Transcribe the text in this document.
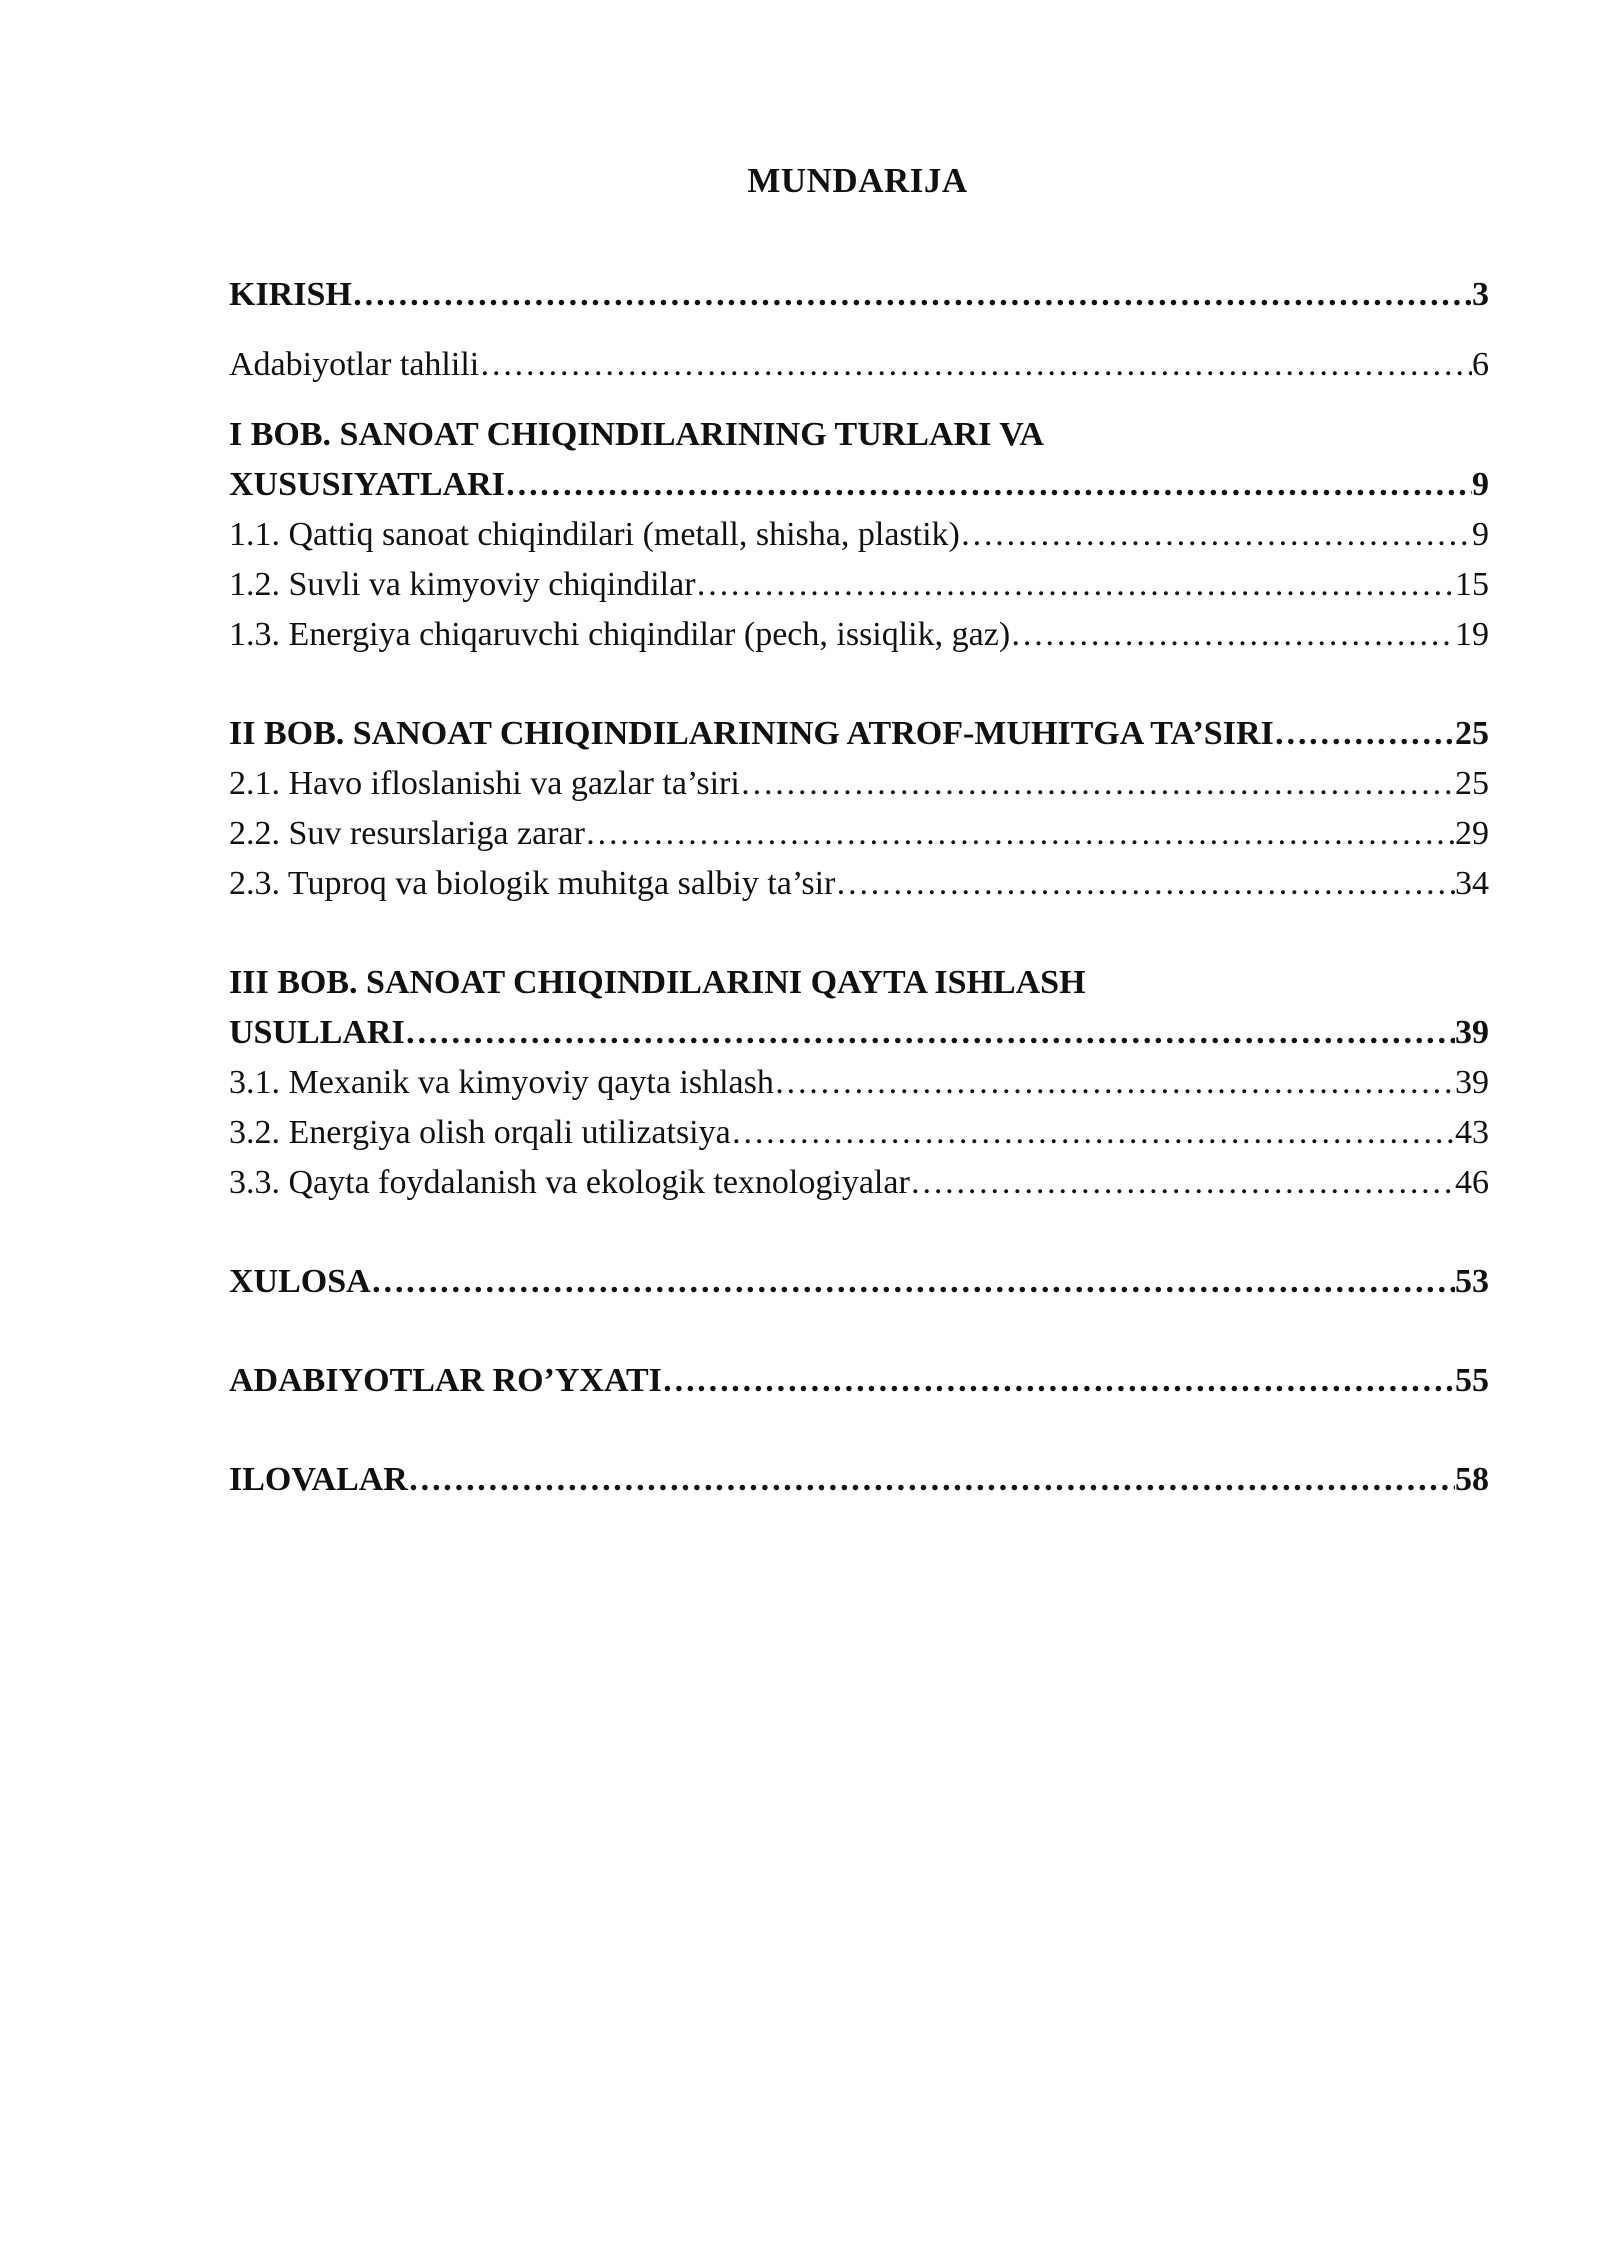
MUNDARIJA
KIRISH ……………………………………………………………………………………………………………………………………………………………………………………………	3
Adabiyotlar tahlili ……………………………………………………………………………………………………………………………………………………………………………………………	6
I BOB. SANOAT CHIQINDILARINING TURLARI VA
XUSUSIYATLARI ……………………………………………………………………………………………………………………………………………………………………………………………	9
1.1. Qattiq sanoat chiqindilari (metall, shisha, plastik) ……………………………………………………………………………………………………………………………………………………………………………………………	9
1.2. Suvli va kimyoviy chiqindilar ……………………………………………………………………………………………………………………………………………………………………………………………	15
1.3. Energiya chiqaruvchi chiqindilar (pech, issiqlik, gaz) ……………………………………………………………………………………………………………………………………………………………………………………………	19
II BOB. SANOAT CHIQINDILARINING ATROF-MUHITGA TA’SIRI ……………………………………………………………………………………………………………………………………………………………………………………………	25
2.1. Havo ifloslanishi va gazlar ta’siri ……………………………………………………………………………………………………………………………………………………………………………………………	25
2.2. Suv resurslariga zarar ……………………………………………………………………………………………………………………………………………………………………………………………	29
2.3. Tuproq va biologik muhitga salbiy ta’sir ……………………………………………………………………………………………………………………………………………………………………………………………	34
III BOB. SANOAT CHIQINDILARINI QAYTA ISHLASH
USULLARI ……………………………………………………………………………………………………………………………………………………………………………………………	39
3.1. Mexanik va kimyoviy qayta ishlash ……………………………………………………………………………………………………………………………………………………………………………………………	39
3.2. Energiya olish orqali utilizatsiya ……………………………………………………………………………………………………………………………………………………………………………………………	43
3.3. Qayta foydalanish va ekologik texnologiyalar ……………………………………………………………………………………………………………………………………………………………………………………………	46
XULOSA ……………………………………………………………………………………………………………………………………………………………………………………………	53
ADABIYOTLAR RO’YXATI ……………………………………………………………………………………………………………………………………………………………………………………………	55
ILOVALAR ……………………………………………………………………………………………………………………………………………………………………………………………	58
